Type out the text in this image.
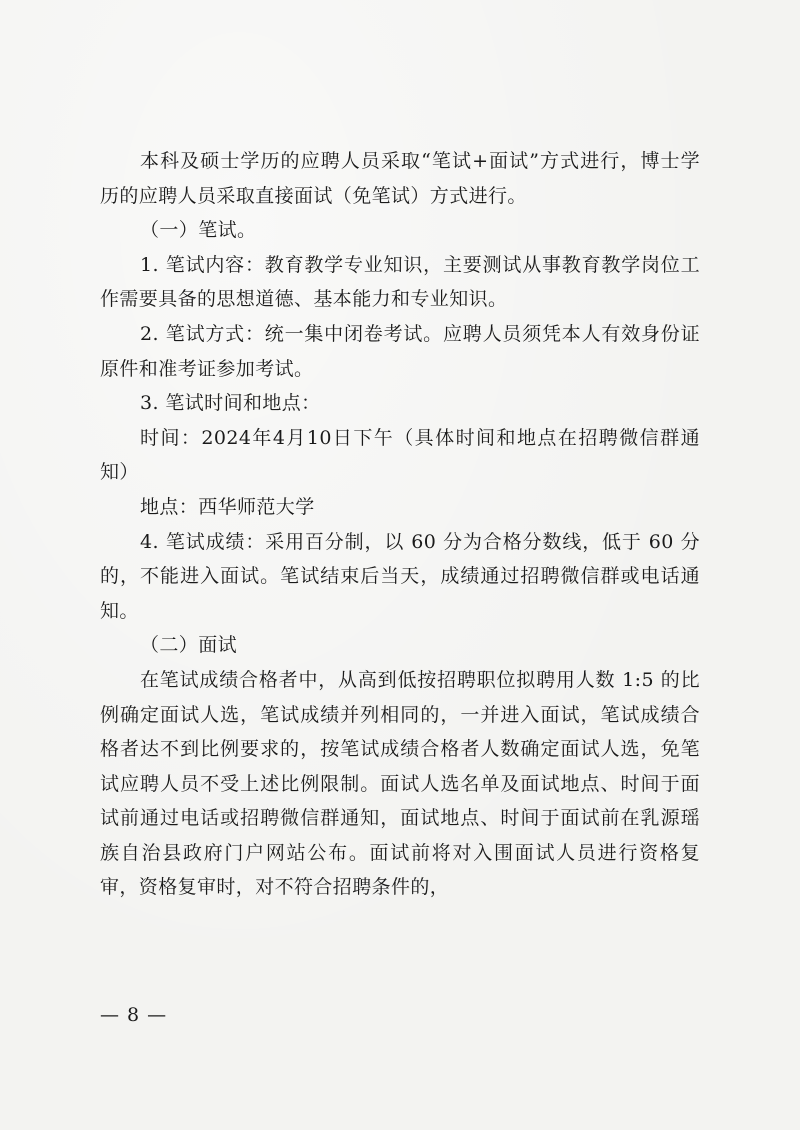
本科及硕士学历的应聘人员采取“笔试+面试”方式进行，博士学历的应聘人员采取直接面试（免笔试）方式进行。

（一）笔试。

1. 笔试内容：教育教学专业知识，主要测试从事教育教学岗位工作需要具备的思想道德、基本能力和专业知识。

2. 笔试方式：统一集中闭卷考试。应聘人员须凭本人有效身份证原件和准考证参加考试。

3. 笔试时间和地点：

时间：2024年4月10日下午（具体时间和地点在招聘微信群通知）

地点：西华师范大学

4. 笔试成绩：采用百分制，以 60 分为合格分数线，低于 60 分的，不能进入面试。笔试结束后当天，成绩通过招聘微信群或电话通知。

（二）面试

在笔试成绩合格者中，从高到低按招聘职位拟聘用人数 1:5 的比例确定面试人选，笔试成绩并列相同的，一并进入面试，笔试成绩合格者达不到比例要求的，按笔试成绩合格者人数确定面试人选，免笔试应聘人员不受上述比例限制。面试人选名单及面试地点、时间于面试前通过电话或招聘微信群通知，面试地点、时间于面试前在乳源瑶族自治县政府门户网站公布。面试前将对入围面试人员进行资格复审，资格复审时，对不符合招聘条件的，

— 8 —
